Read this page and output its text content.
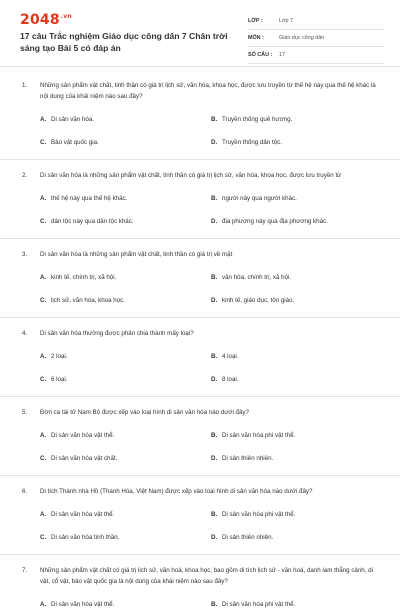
$2048^{.vn}$
17 câu Trắc nghiệm Giáo dục công dân 7 Chân trời sáng tạo Bài 5 có đáp án
LỚP :	Lớp 7
MÔN :	Giáo dục công dân
SỐ CÂU :	17
1. Những sản phẩm vật chất, tinh thần có giá trị lịch sử, văn hóa, khoa học, được lưu truyền từ thế hệ này qua thế hệ khác là nội dung của khái niệm nào sau đây?
A. Di sản văn hóa.	B. Truyền thống quê hương.
C. Bảo vật quốc gia.	D. Truyền thống dân tộc.
2. Di sản văn hóa là những sản phẩm vật chất, tinh thần có giá trị lịch sử, văn hóa, khoa học, được lưu truyền từ
A. thế hệ này qua thế hệ khác.	B. người này qua người khác.
C. dân tộc này qua dân tộc khác.	D. địa phương này qua địa phương khác.
3. Di sản văn hóa là những sản phẩm vật chất, tinh thần có giá trị về mặt
A. kinh tế, chính trị, xã hội.	B. văn hóa, chính trị, xã hội.
C. lịch sử, văn hóa, khoa học.	D. kinh tế, giáo dục, tôn giáo.
4. Di sản văn hóa thường được phân chia thành mấy loại?
A. 2 loại.	B. 4 loại.
C. 6 loại.	D. 8 loại.
5. Đờn ca tài tử Nam Bộ được xếp vào loại hình di sản văn hóa nào dưới đây?
A. Di sản văn hóa vật thể.	B. Di sản văn hóa phi vật thể.
C. Di sản văn hóa vật chất.	D. Di sản thiên nhiên.
6. Di tích Thành nhà Hồ (Thanh Hóa, Việt Nam) được xếp vào loại hình di sản văn hóa nào dưới đây?
A. Di sản văn hóa vật thể.	B. Di sản văn hóa phi vật thể.
C. Di sản văn hóa tinh thần.	D. Di sản thiên nhiên.
7. Những sản phẩm vật chất có giá trị lịch sử, văn hoá, khoa học, bao gồm di tích lịch sử - văn hoá, danh lam thắng cảnh, di vật, cổ vật, bảo vật quốc gia là nội dung của khái niệm nào sau đây?
A. Di sản văn hóa vật thể.	B. Di sản văn hóa phi vật thể.
